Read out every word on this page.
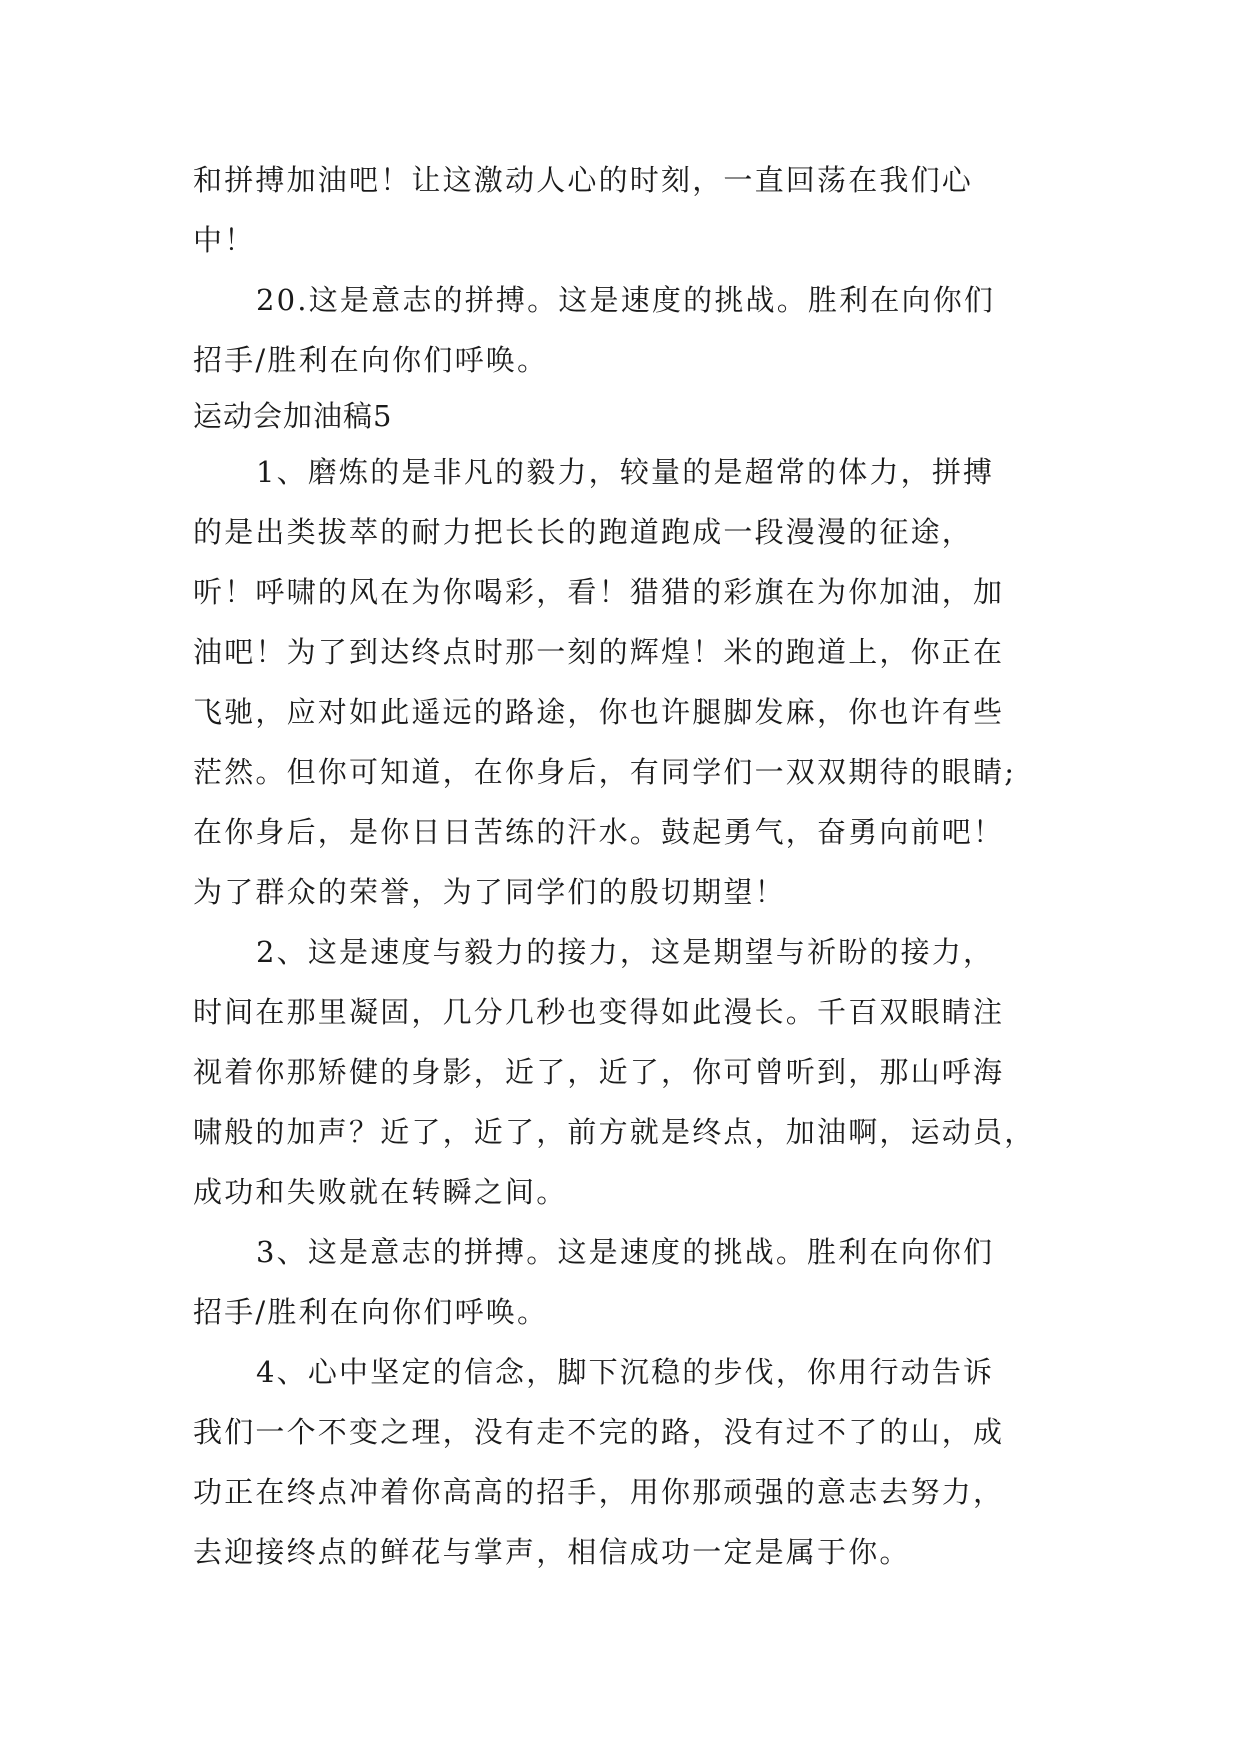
和拼搏加油吧！让这激动人心的时刻，一直回荡在我们心
中！
20.这是意志的拼搏。这是速度的挑战。胜利在向你们
招手/胜利在向你们呼唤。
运动会加油稿5
1、磨炼的是非凡的毅力，较量的是超常的体力，拼搏
的是出类拔萃的耐力把长长的跑道跑成一段漫漫的征途，
听！呼啸的风在为你喝彩，看！猎猎的彩旗在为你加油，加
油吧！为了到达终点时那一刻的辉煌！米的跑道上，你正在
飞驰，应对如此遥远的路途，你也许腿脚发麻，你也许有些
茫然。但你可知道，在你身后，有同学们一双双期待的眼睛;
在你身后，是你日日苦练的汗水。鼓起勇气，奋勇向前吧！
为了群众的荣誉，为了同学们的殷切期望！
2、这是速度与毅力的接力，这是期望与祈盼的接力，
时间在那里凝固，几分几秒也变得如此漫长。千百双眼睛注
视着你那矫健的身影，近了，近了，你可曾听到，那山呼海
啸般的加声？近了，近了，前方就是终点，加油啊，运动员，
成功和失败就在转瞬之间。
3、这是意志的拼搏。这是速度的挑战。胜利在向你们
招手/胜利在向你们呼唤。
4、心中坚定的信念，脚下沉稳的步伐，你用行动告诉
我们一个不变之理，没有走不完的路，没有过不了的山，成
功正在终点冲着你高高的招手，用你那顽强的意志去努力，
去迎接终点的鲜花与掌声，相信成功一定是属于你。
